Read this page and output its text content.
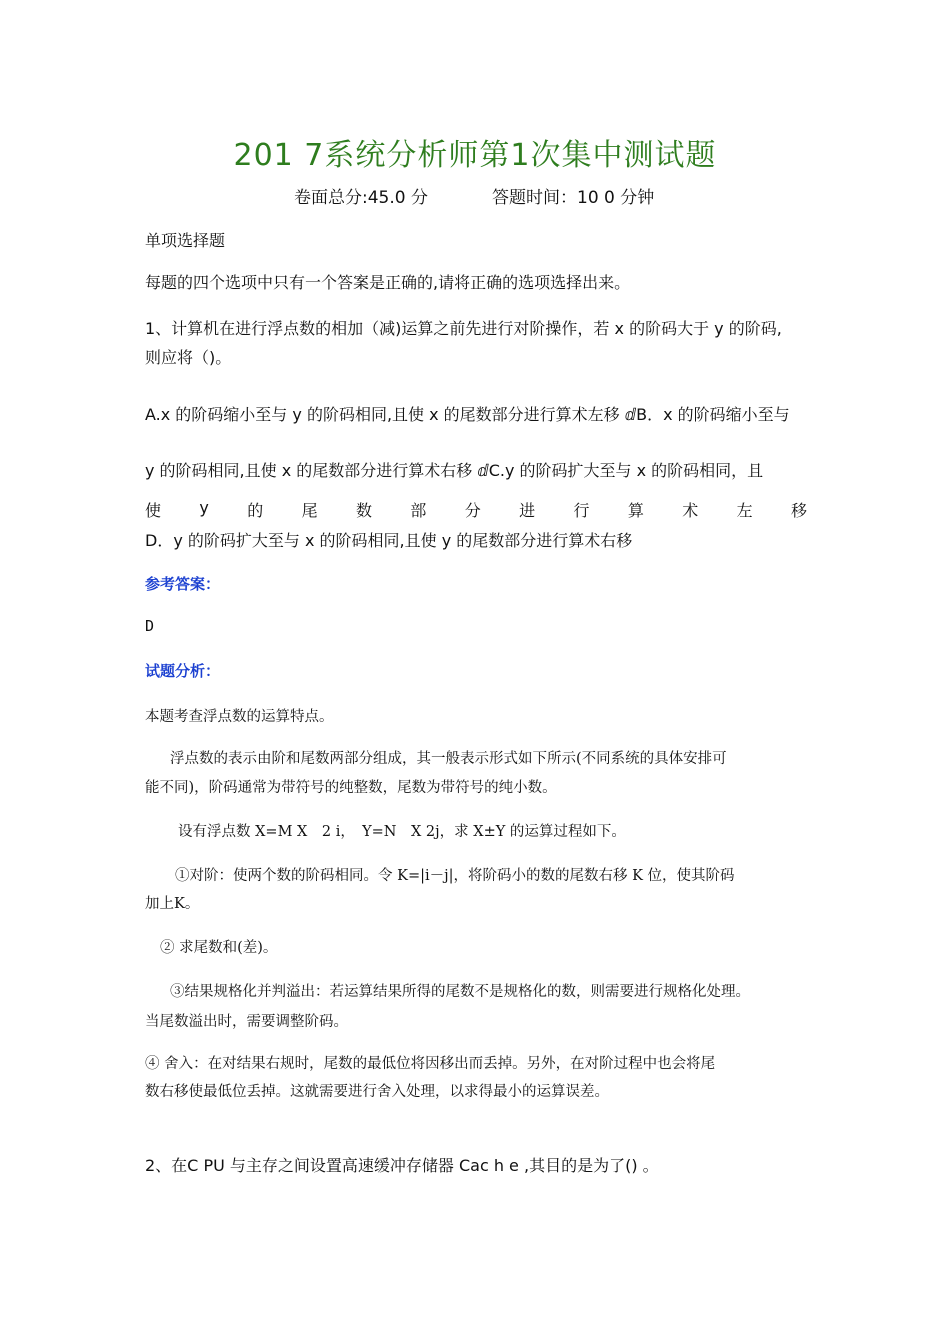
201 7系统分析师第1次集中测试题
卷面总分:45.0 分	答题时间：10 0 分钟
单项选择题
每题的四个选项中只有一个答案是正确的,请将正确的选项选择出来。
1、计算机在进行浮点数的相加（减)运算之前先进行对阶操作，若 x 的阶码大于 y 的阶码,
则应将（)。
A.x 的阶码缩小至与 y 的阶码相同,且使 x 的尾数部分进行算术左移 ⅆB．x 的阶码缩小至与
y 的阶码相同,且使 x 的尾数部分进行算术右移 ⅆC.y 的阶码扩大至与 x 的阶码相同，且
使 y 的 尾 数 部 分 进 行 算 术 左 移
D．y 的阶码扩大至与 x 的阶码相同,且使 y 的尾数部分进行算术右移
参考答案：
D
试题分析：
本题考查浮点数的运算特点。
浮点数的表示由阶和尾数两部分组成，其一般表示形式如下所示(不同系统的具体安排可
能不同)，阶码通常为带符号的纯整数，尾数为带符号的纯小数。
设有浮点数 X=M X　2 i，　Y=N　X 2j，求 X±Y 的运算过程如下。
①对阶：使两个数的阶码相同。令 K=|i－j|，将阶码小的数的尾数右移 K 位，使其阶码
加上K。
② 求尾数和(差)。
③结果规格化并判溢出：若运算结果所得的尾数不是规格化的数，则需要进行规格化处理。
当尾数溢出时，需要调整阶码。
④ 舍入：在对结果右规时，尾数的最低位将因移出而丢掉。另外，在对阶过程中也会将尾
数右移使最低位丢掉。这就需要进行舍入处理，以求得最小的运算误差。
2、在C PU 与主存之间设置高速缓冲存储器 Cac h e ,其目的是为了() 。
